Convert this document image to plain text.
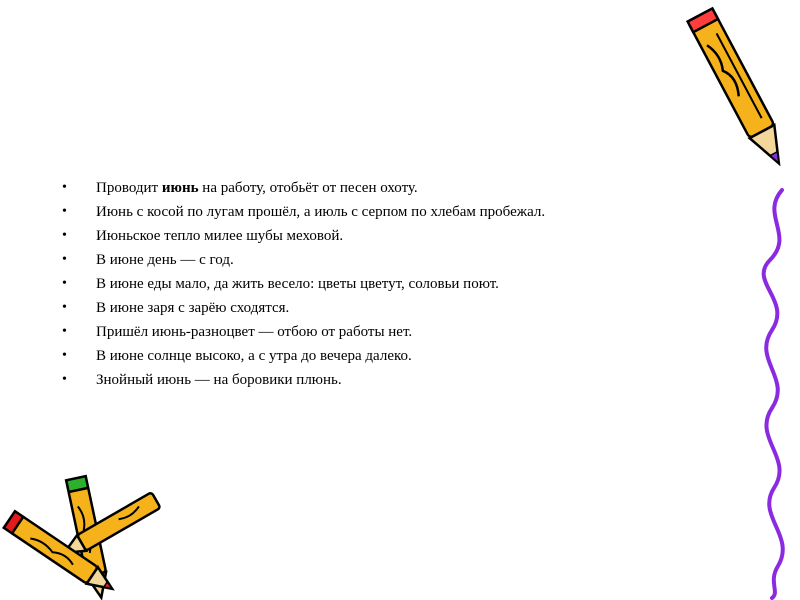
•	Проводит июнь на работу, отобьёт от песен охоту.
•	Июнь с косой по лугам прошёл, а июль с серпом по хлебам пробежал.
•	Июньское тепло милее шубы меховой.
•	В июне день — с год.
•	В июне еды мало, да жить весело: цветы цветут, соловьи поют.
•	В июне заря с зарёю сходятся.
•	Пришёл июнь-разноцвет — отбою от работы нет.
•	В июне солнце высоко, а с утра до вечера далеко.
•	Знойный июнь — на боровики плюнь.
